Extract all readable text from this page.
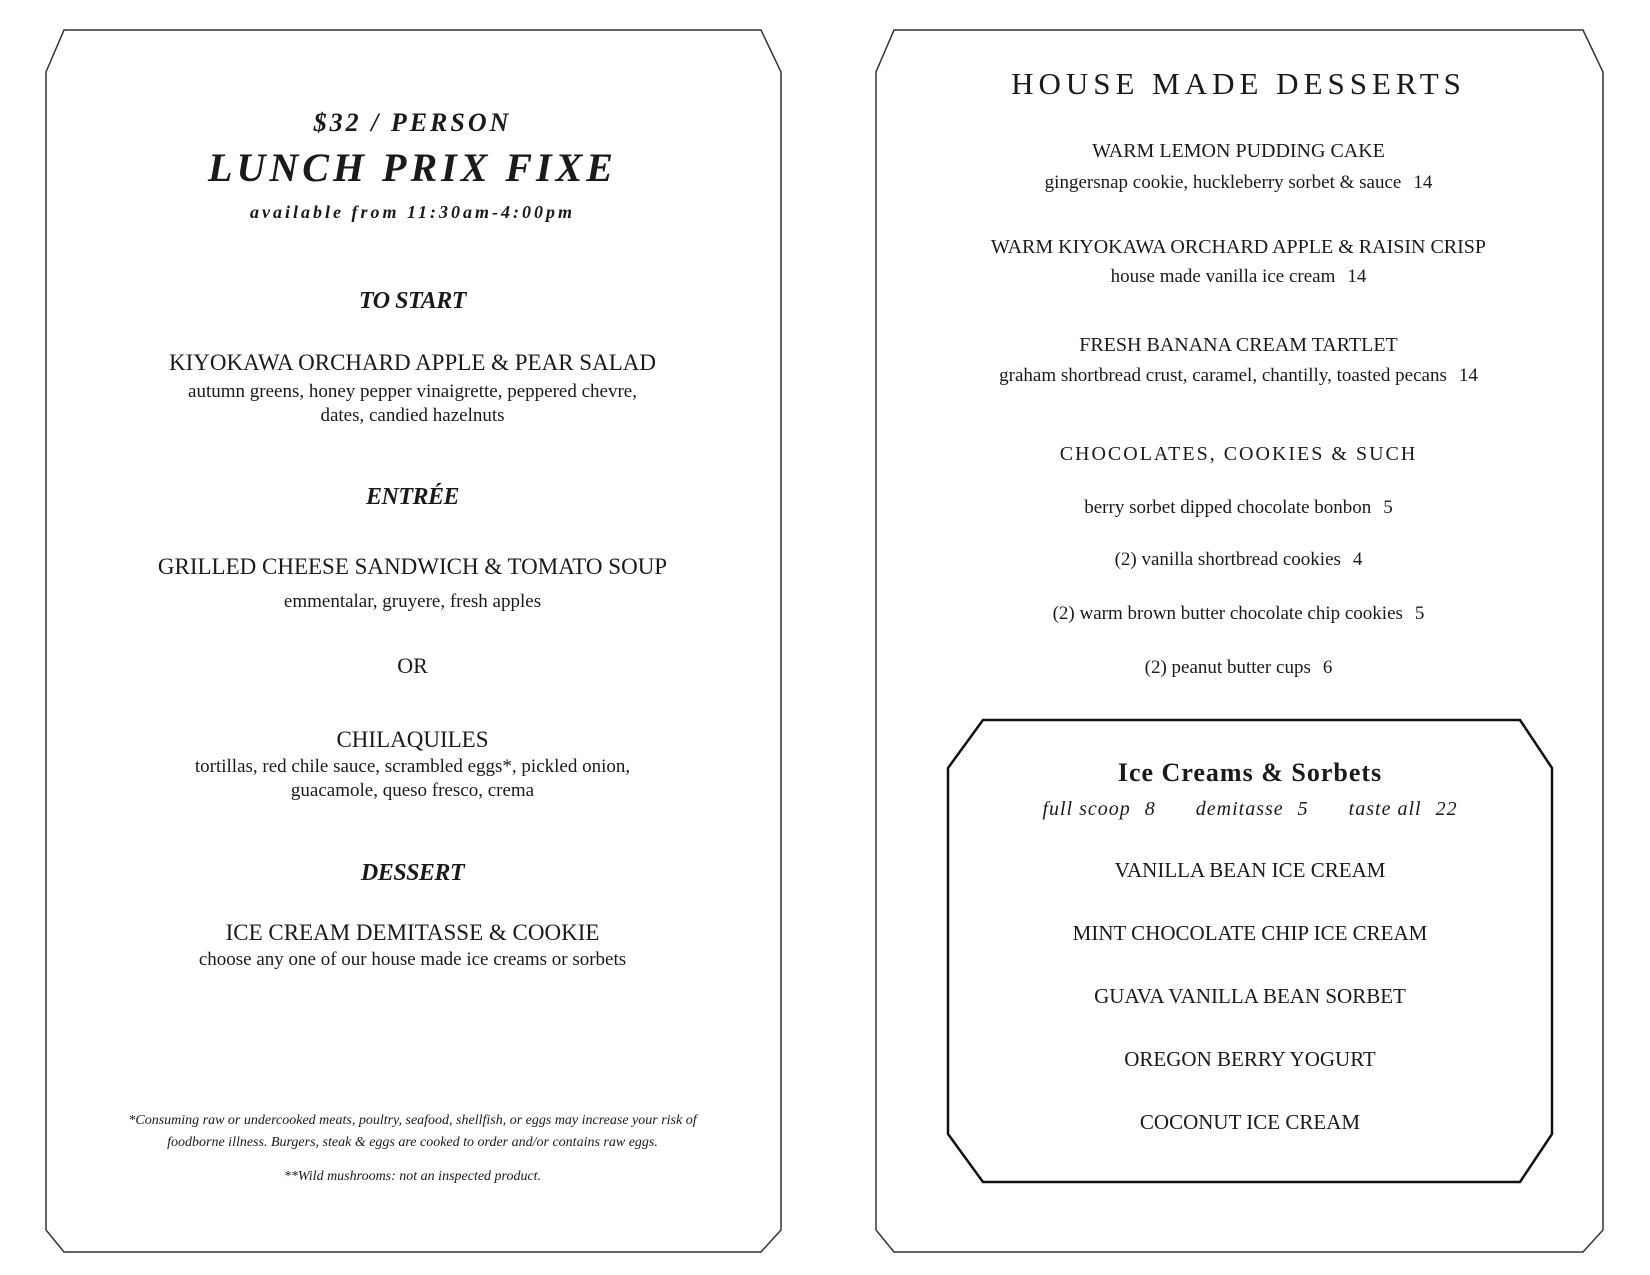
$32 / PERSON
LUNCH PRIX FIXE
available from 11:30am-4:00pm
TO START
KIYOKAWA ORCHARD APPLE & PEAR SALAD
autumn greens, honey pepper vinaigrette, peppered chevre,
dates, candied hazelnuts
ENTRÉE
GRILLED CHEESE SANDWICH & TOMATO SOUP
emmentalar, gruyere, fresh apples
OR
CHILAQUILES
tortillas, red chile sauce, scrambled eggs*, pickled onion,
guacamole, queso fresco, crema
DESSERT
ICE CREAM DEMITASSE & COOKIE
choose any one of our house made ice creams or sorbets
*Consuming raw or undercooked meats, poultry, seafood, shellfish, or eggs may increase your risk of
foodborne illness. Burgers, steak & eggs are cooked to order and/or contains raw eggs.
**Wild mushrooms: not an inspected product.
HOUSE MADE DESSERTS
WARM LEMON PUDDING CAKE
gingersnap cookie, huckleberry sorbet & sauce 14
WARM KIYOKAWA ORCHARD APPLE & RAISIN CRISP
house made vanilla ice cream 14
FRESH BANANA CREAM TARTLET
graham shortbread crust, caramel, chantilly, toasted pecans 14
CHOCOLATES, COOKIES & SUCH
berry sorbet dipped chocolate bonbon 5
(2) vanilla shortbread cookies 4
(2) warm brown butter chocolate chip cookies 5
(2) peanut butter cups 6
Ice Creams & Sorbets
full scoop 8 demitasse 5 taste all 22
VANILLA BEAN ICE CREAM
MINT CHOCOLATE CHIP ICE CREAM
GUAVA VANILLA BEAN SORBET
OREGON BERRY YOGURT
COCONUT ICE CREAM
